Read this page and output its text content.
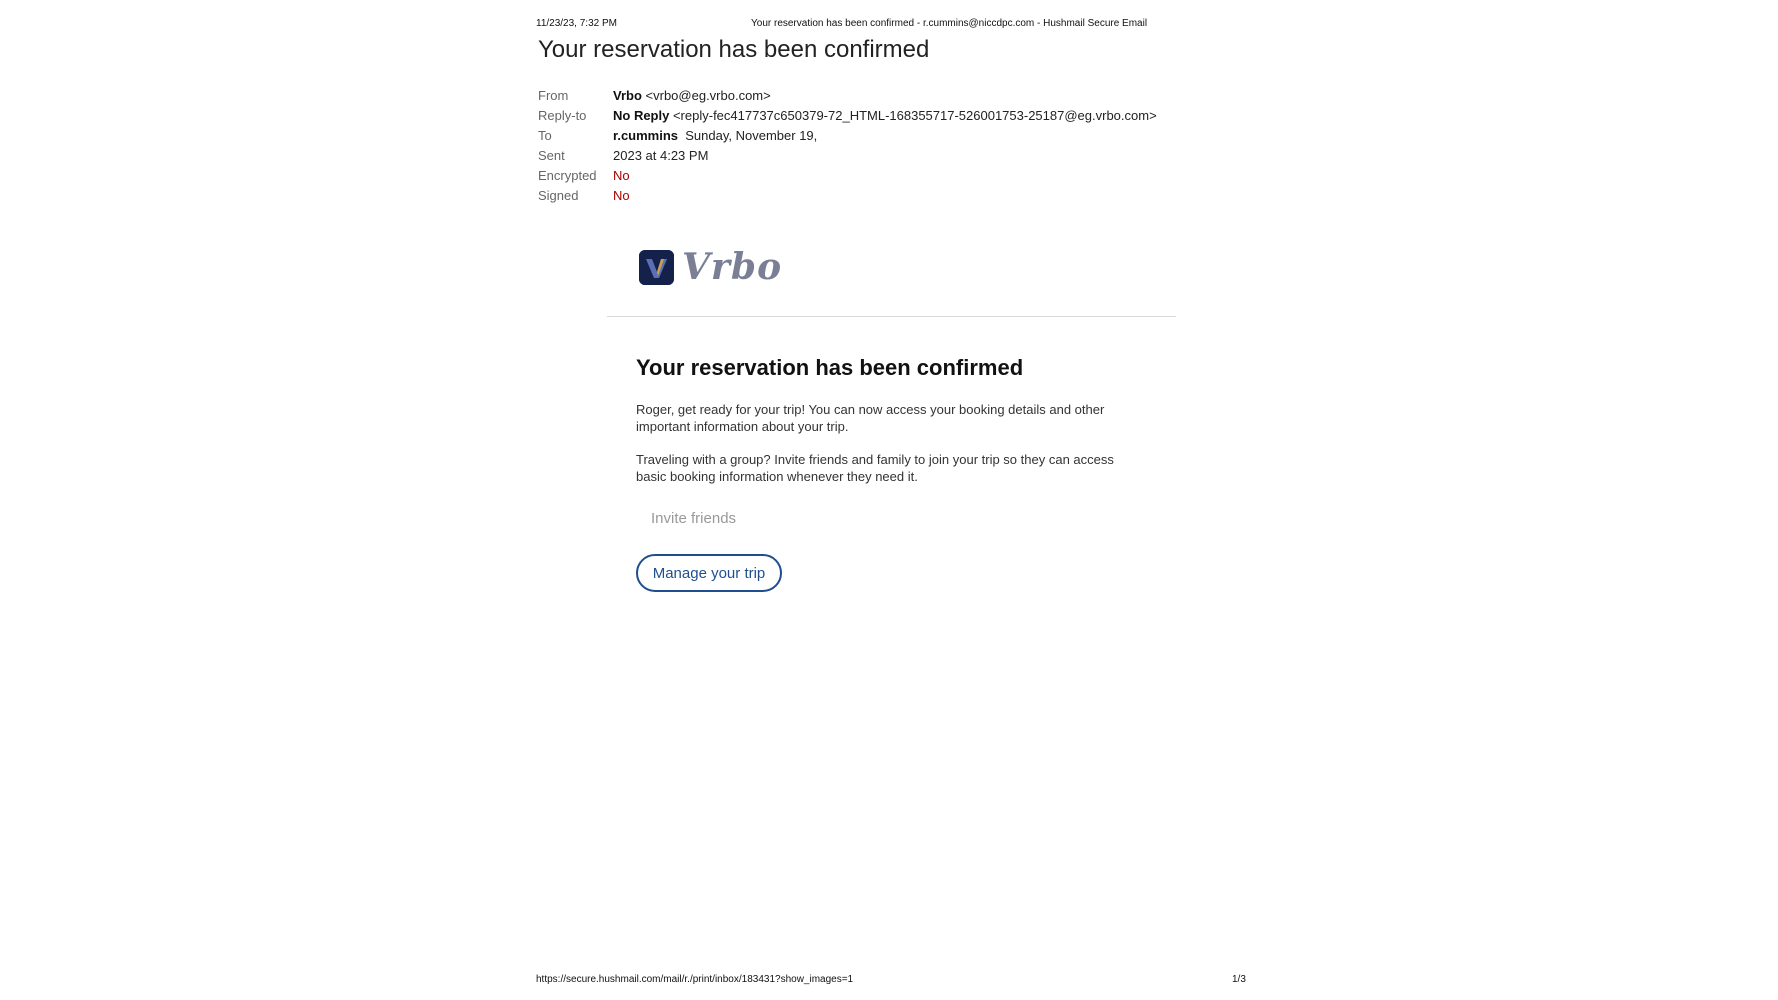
11/23/23, 7:32 PM	Your reservation has been confirmed - r.cummins@niccdpc.com - Hushmail Secure Email
Your reservation has been confirmed
From	Vrbo <vrbo@eg.vrbo.com>
Reply-to	No Reply <reply-fec417737c650379-72_HTML-168355717-526001753-25187@eg.vrbo.com>
To	r.cummins Sunday, November 19,
Sent	2023 at 4:23 PM
Encrypted	No
Signed	No
Vrbo
Your reservation has been confirmed

Roger, get ready for your trip! You can now access your booking details and other important information about your trip.

Traveling with a group? Invite friends and family to join your trip so they can access basic booking information whenever they need it.

Invite friends
Manage your trip
https://secure.hushmail.com/mail/r./print/inbox/183431?show_images=1	1/3
